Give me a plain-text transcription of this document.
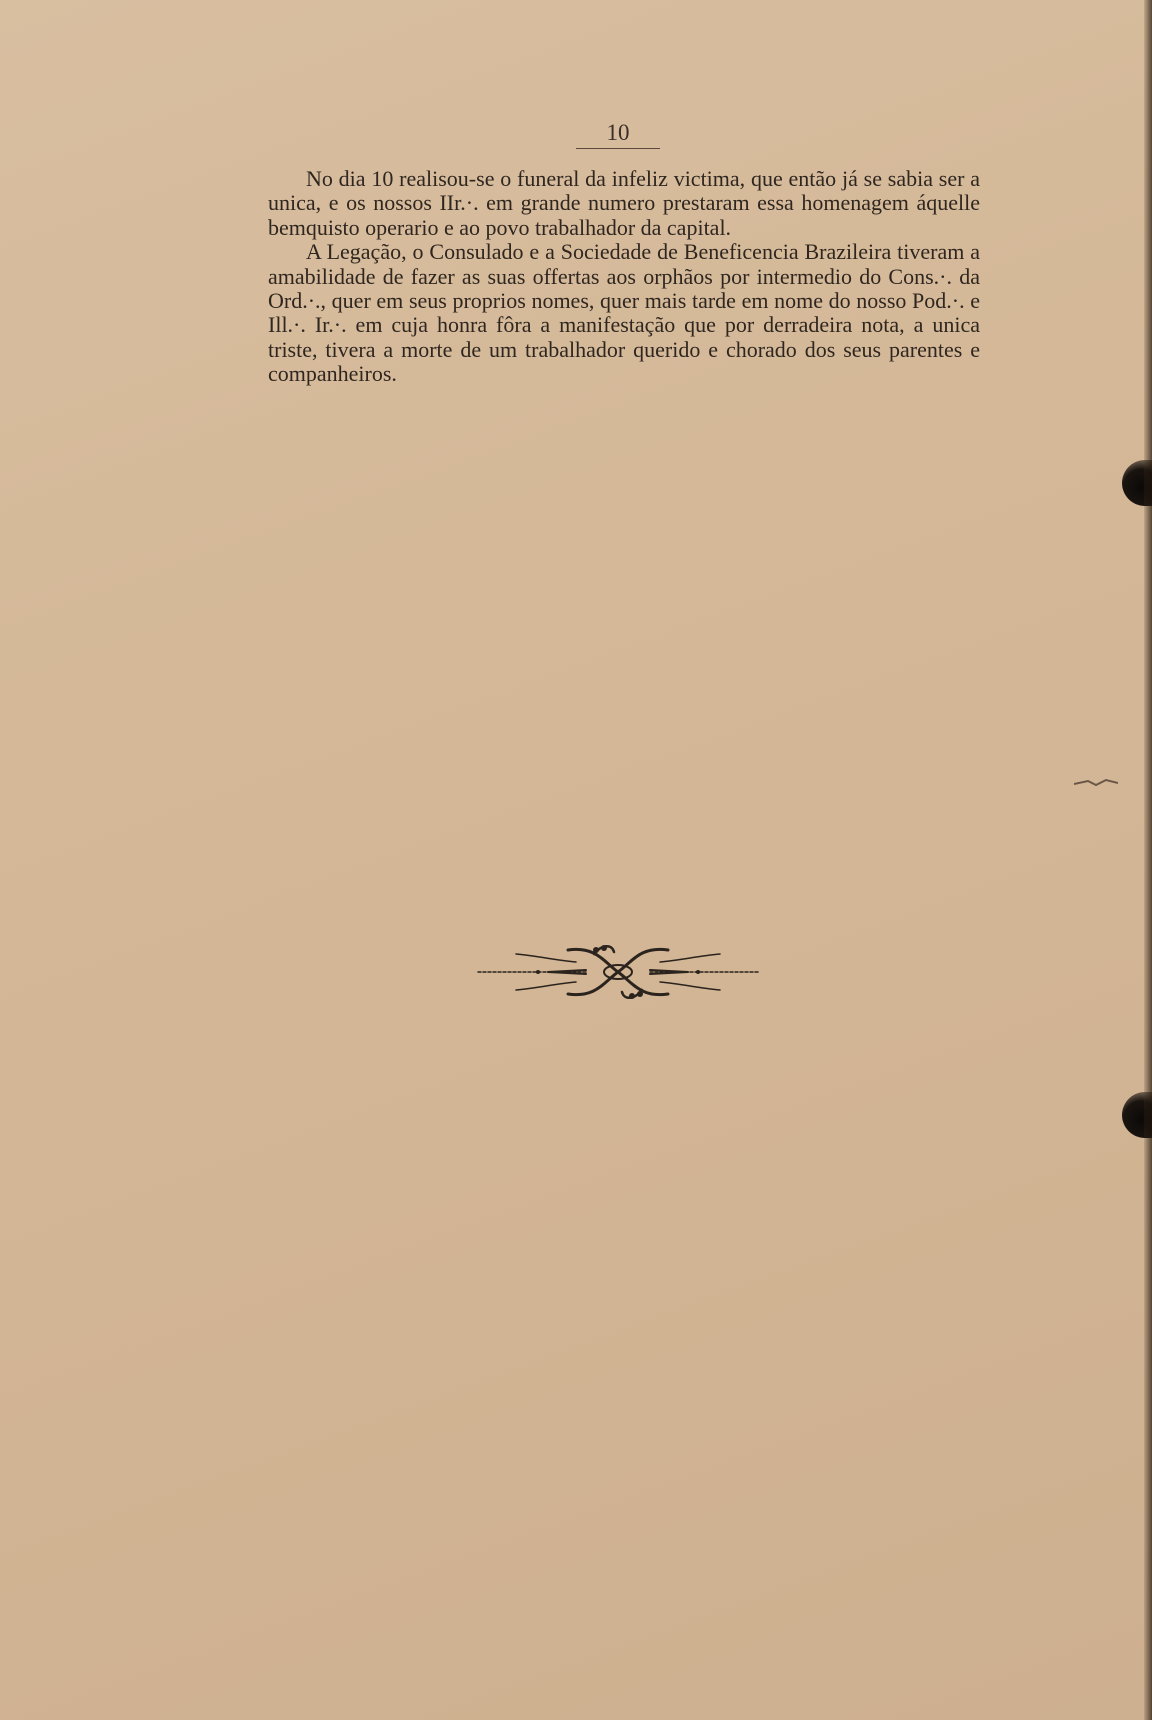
10

No dia 10 realisou-se o funeral da infeliz victima, que então já se sabia ser a unica, e os nossos IIr.·. em grande numero prestaram essa homenagem áquelle bemquisto operario e ao povo trabalhador da capital.

A Legação, o Consulado e a Sociedade de Beneficencia Brazileira tiveram a amabilidade de fazer as suas offertas aos orphãos por intermedio do Cons.·. da Ord.·., quer em seus proprios nomes, quer mais tarde em nome do nosso Pod.·. e Ill.·. Ir.·. em cuja honra fôra a manifestação que por derradeira nota, a unica triste, tivera a morte de um trabalhador querido e chorado dos seus parentes e companheiros.
